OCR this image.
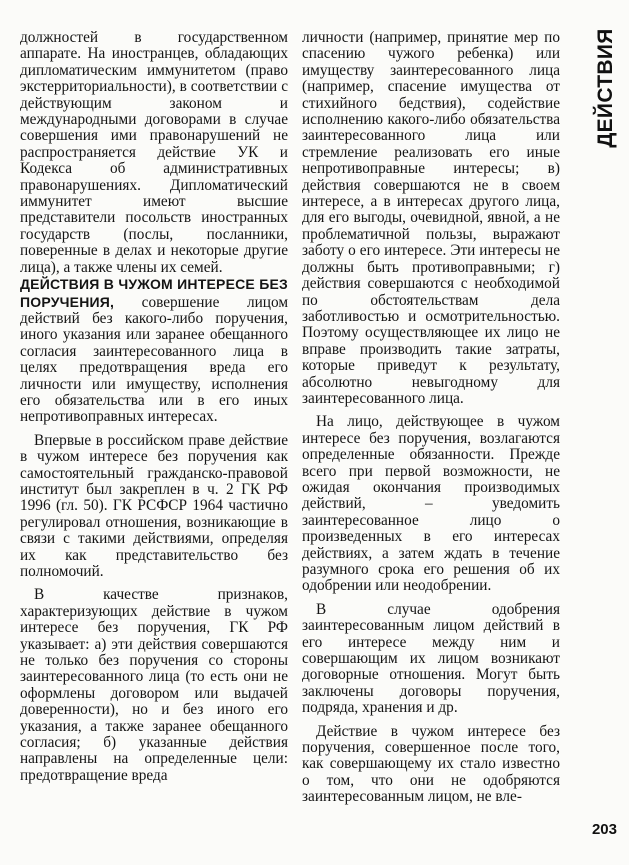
должностей в государственном аппарате. На иностранцев, обладающих дипломатическим иммунитетом (право экстерриториальности), в соответствии с действующим законом и международными договорами в случае совершения ими правонарушений не распространяется действие УК и Кодекса об административных правонарушениях. Дипломатический иммунитет имеют высшие представители посольств иностранных государств (послы, посланники, поверенные в делах и некоторые другие лица), а также члены их семей.

ДЕЙСТВИЯ В ЧУЖОМ ИНТЕРЕСЕ БЕЗ ПОРУЧЕНИЯ, совершение лицом действий без какого-либо поручения, иного указания или заранее обещанного согласия заинтересованного лица в целях предотвращения вреда его личности или имуществу, исполнения его обязательства или в его иных непротивоправных интересах.

Впервые в российском праве действие в чужом интересе без поручения как самостоятельный гражданско-правовой институт был закреплен в ч. 2 ГК РФ 1996 (гл. 50). ГК РСФСР 1964 частично регулировал отношения, возникающие в связи с такими действиями, определяя их как представительство без полномочий.

В качестве признаков, характеризующих действие в чужом интересе без поручения, ГК РФ указывает: а) эти действия совершаются не только без поручения со стороны заинтересованного лица (то есть они не оформлены договором или выдачей доверенности), но и без иного его указания, а также заранее обещанного согласия; б) указанные действия направлены на определенные цели: предотвращение вреда

личности (например, принятие мер по спасению чужого ребенка) или имуществу заинтересованного лица (например, спасение имущества от стихийного бедствия), содействие исполнению какого-либо обязательства заинтересованного лица или стремление реализовать его иные непротивоправные интересы; в) действия совершаются не в своем интересе, а в интересах другого лица, для его выгоды, очевидной, явной, а не проблематичной пользы, выражают заботу о его интересе. Эти интересы не должны быть противоправными; г) действия совершаются с необходимой по обстоятельствам дела заботливостью и осмотрительностью. Поэтому осуществляющее их лицо не вправе производить такие затраты, которые приведут к результату, абсолютно невыгодному для заинтересованного лица.

На лицо, действующее в чужом интересе без поручения, возлагаются определенные обязанности. Прежде всего при первой возможности, не ожидая окончания производимых действий, – уведомить заинтересованное лицо о произведенных в его интересах действиях, а затем ждать в течение разумного срока его решения об их одобрении или неодобрении.

В случае одобрения заинтересованным лицом действий в его интересе между ним и совершающим их лицом возникают договорные отношения. Могут быть заключены договоры поручения, подряда, хранения и др.

Действие в чужом интересе без поручения, совершенное после того, как совершающему их стало известно о том, что они не одобряются заинтересованным лицом, не вле-

ДЕЙСТВИЯ
203
